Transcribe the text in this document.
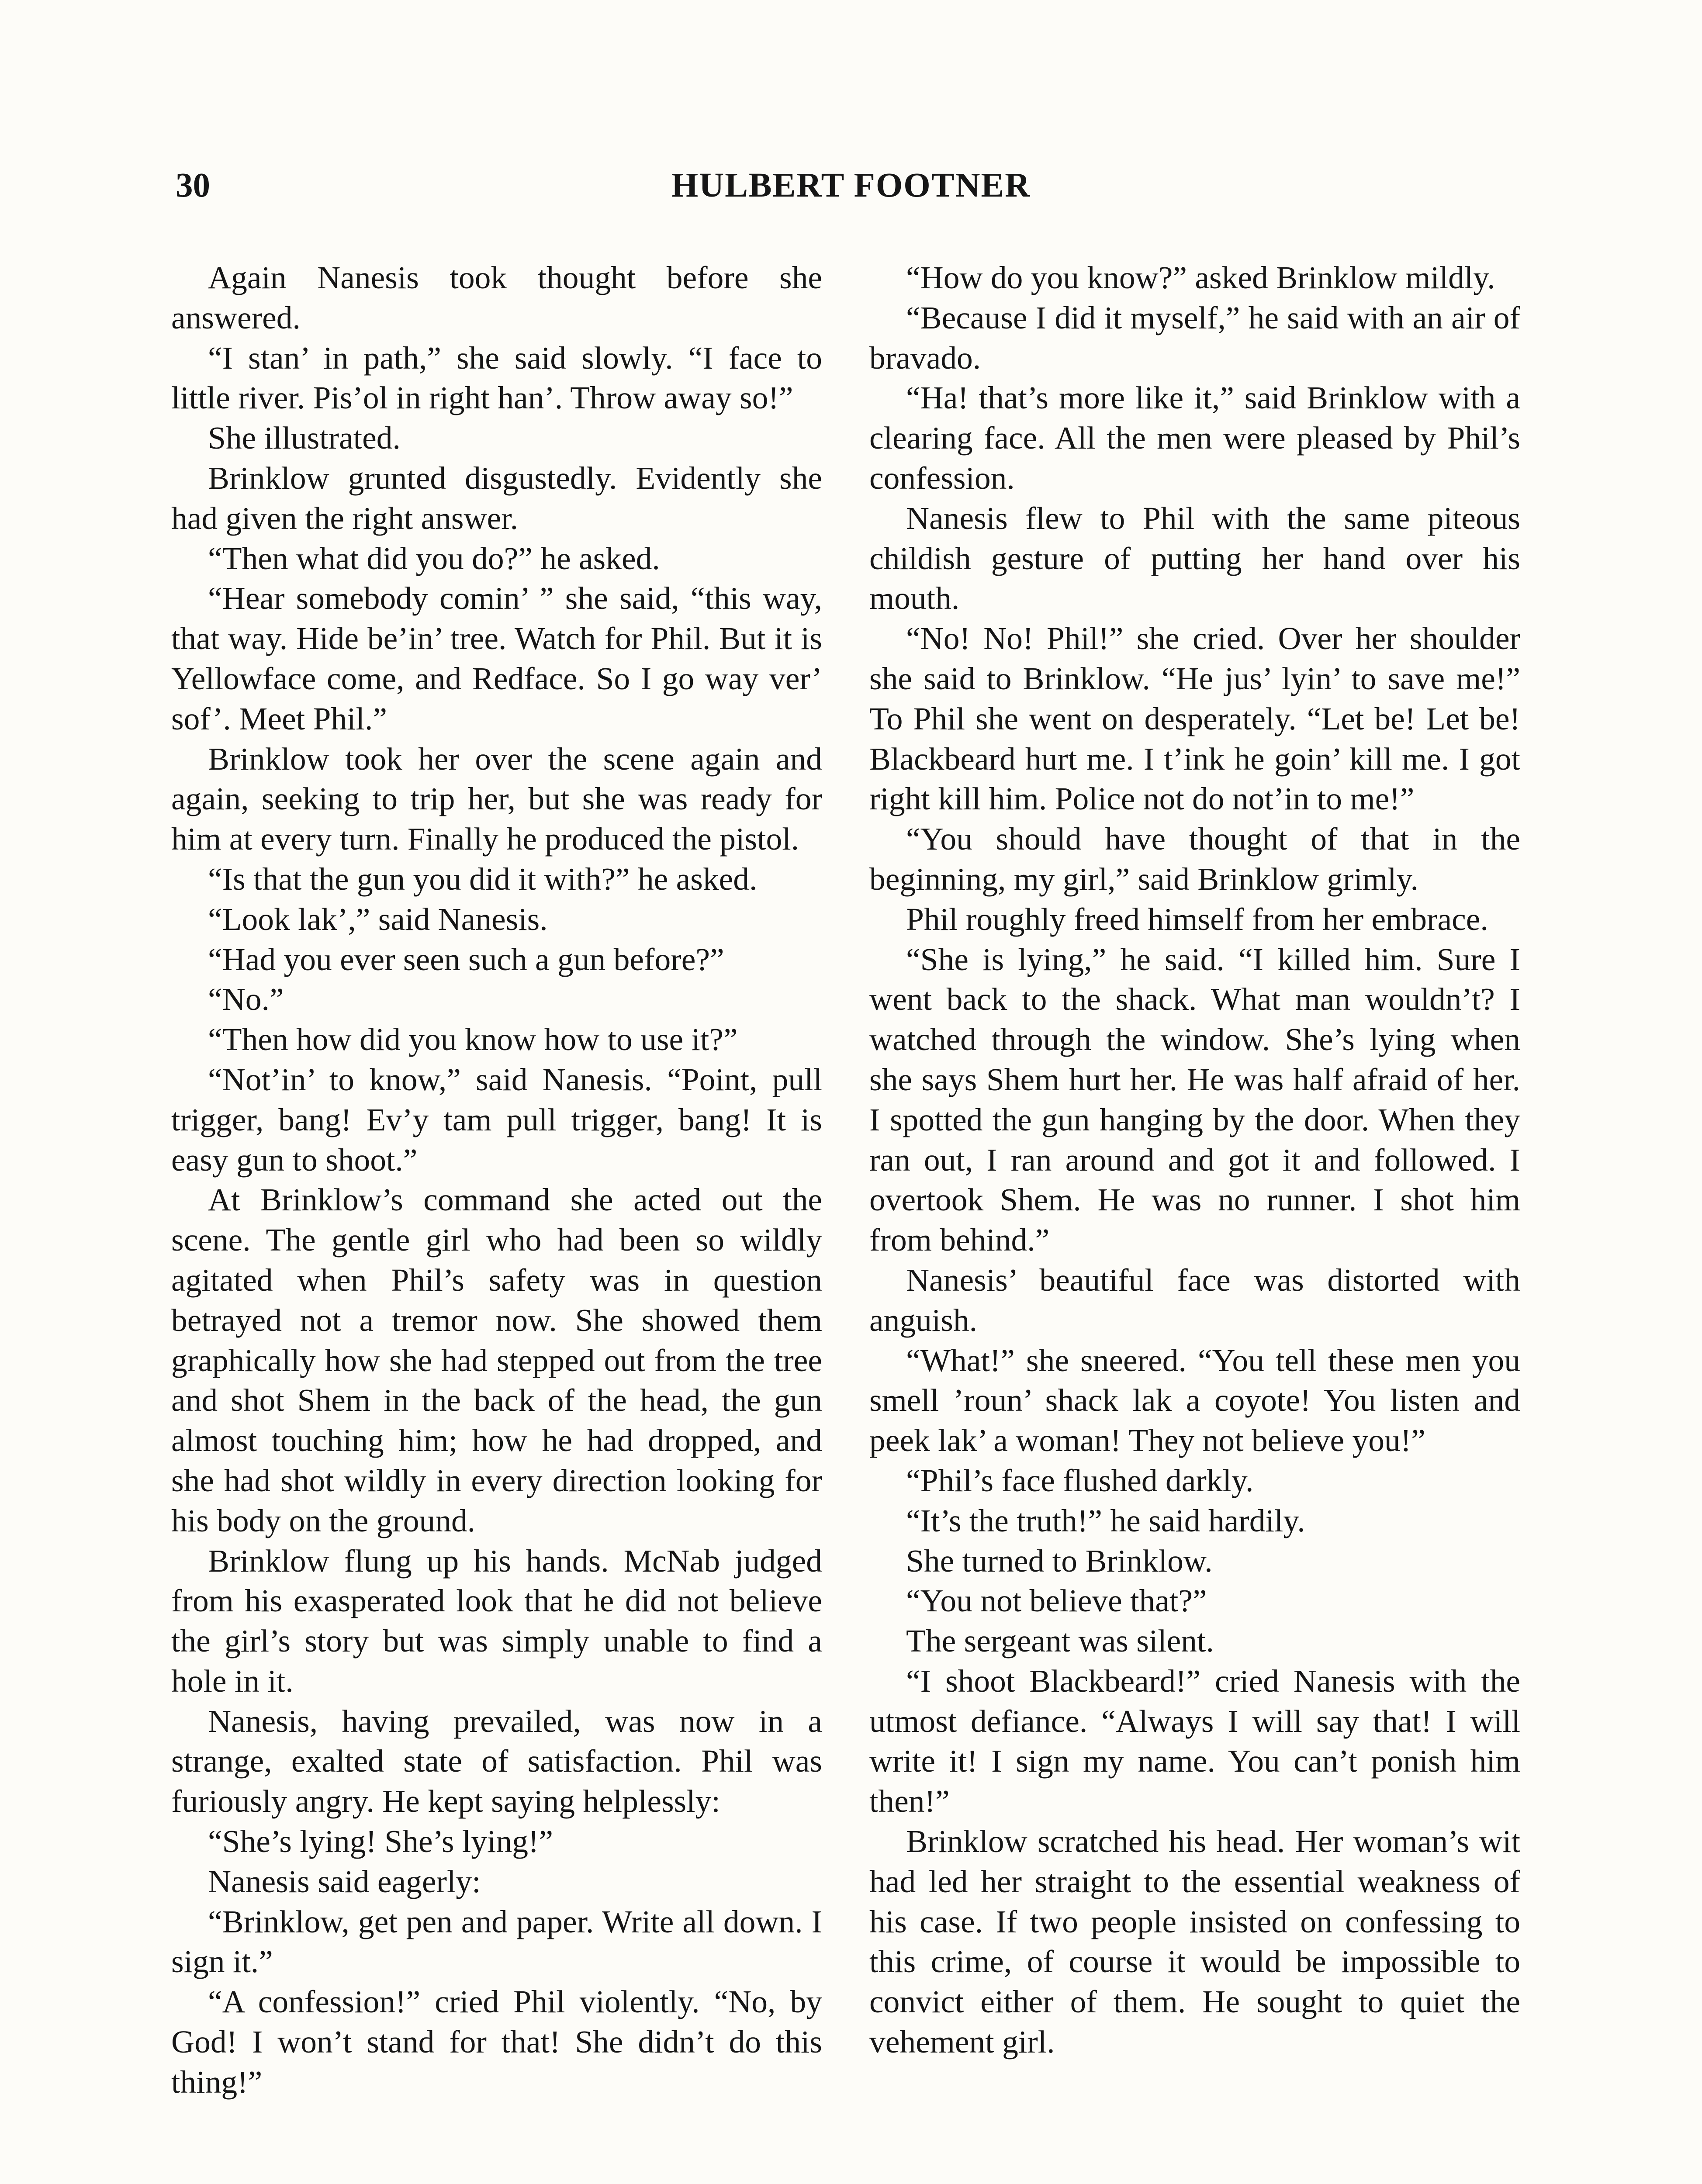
30	HULBERT FOOTNER

Again Nanesis took thought before she answered.

“I stan’ in path,” she said slowly. “I face to little river. Pis’ol in right han’. Throw away so!”

She illustrated.

Brinklow grunted disgustedly. Evidently she had given the right answer.

“Then what did you do?” he asked.

“Hear somebody comin’ ” she said, “this way, that way. Hide be’in’ tree. Watch for Phil. But it is Yellowface come, and Redface. So I go way ver’ sof’. Meet Phil.”

Brinklow took her over the scene again and again, seeking to trip her, but she was ready for him at every turn. Finally he produced the pistol.

“Is that the gun you did it with?” he asked.

“Look lak’,” said Nanesis.

“Had you ever seen such a gun before?”

“No.”

“Then how did you know how to use it?”

“Not’in’ to know,” said Nanesis. “Point, pull trigger, bang! Ev’y tam pull trigger, bang! It is easy gun to shoot.”

At Brinklow’s command she acted out the scene. The gentle girl who had been so wildly agitated when Phil’s safety was in question betrayed not a tremor now. She showed them graphically how she had stepped out from the tree and shot Shem in the back of the head, the gun almost touching him; how he had dropped, and she had shot wildly in every direction looking for his body on the ground.

Brinklow flung up his hands. McNab judged from his exasperated look that he did not believe the girl’s story but was simply unable to find a hole in it.

Nanesis, having prevailed, was now in a strange, exalted state of satisfaction. Phil was furiously angry. He kept saying helplessly:

“She’s lying! She’s lying!”

Nanesis said eagerly:

“Brinklow, get pen and paper. Write all down. I sign it.”

“A confession!” cried Phil violently. “No, by God! I won’t stand for that! She didn’t do this thing!”

“How do you know?” asked Brinklow mildly.

“Because I did it myself,” he said with an air of bravado.

“Ha! that’s more like it,” said Brinklow with a clearing face. All the men were pleased by Phil’s confession.

Nanesis flew to Phil with the same piteous childish gesture of putting her hand over his mouth.

“No! No! Phil!” she cried. Over her shoulder she said to Brinklow. “He jus’ lyin’ to save me!” To Phil she went on desperately. “Let be! Let be! Blackbeard hurt me. I t’ink he goin’ kill me. I got right kill him. Police not do not’in to me!”

“You should have thought of that in the beginning, my girl,” said Brinklow grimly.

Phil roughly freed himself from her embrace.

“She is lying,” he said. “I killed him. Sure I went back to the shack. What man wouldn’t? I watched through the window. She’s lying when she says Shem hurt her. He was half afraid of her. I spotted the gun hanging by the door. When they ran out, I ran around and got it and followed. I overtook Shem. He was no runner. I shot him from behind.”

Nanesis’ beautiful face was distorted with anguish.

“What!” she sneered. “You tell these men you smell ’roun’ shack lak a coyote! You listen and peek lak’ a woman! They not believe you!”

“Phil’s face flushed darkly.

“It’s the truth!” he said hardily.

She turned to Brinklow.

“You not believe that?”

The sergeant was silent.

“I shoot Blackbeard!” cried Nanesis with the utmost defiance. “Always I will say that! I will write it! I sign my name. You can’t ponish him then!”

Brinklow scratched his head. Her woman’s wit had led her straight to the essential weakness of his case. If two people insisted on confessing to this crime, of course it would be impossible to convict either of them. He sought to quiet the vehement girl.
